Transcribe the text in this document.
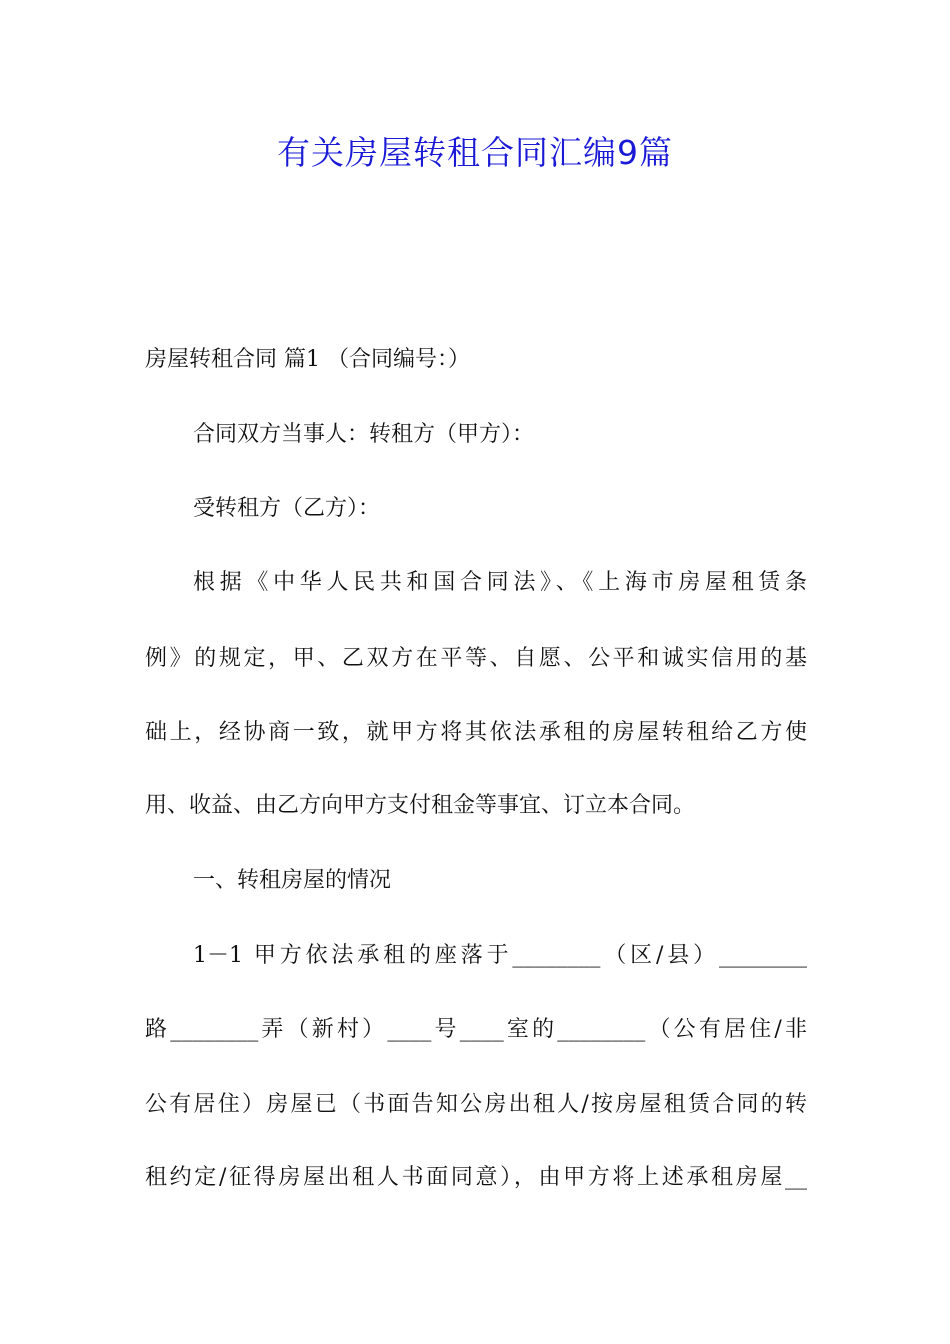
有关房屋转租合同汇编9篇
房屋转租合同 篇1 （合同编号：）
合同双方当事人：转租方（甲方）：
受转租方（乙方）：
根据《中华人民共和国合同法》、《上海市房屋租赁条
例》的规定，甲、乙双方在平等、自愿、公平和诚实信用的基
础上，经协商一致，就甲方将其依法承租的房屋转租给乙方使
用、收益、由乙方向甲方支付租金等事宜、订立本合同。
一、转租房屋的情况
1－1 甲方依法承租的座落于________（区/县）________
路________弄（新村）____号____室的________（公有居住/非
公有居住）房屋已（书面告知公房出租人/按房屋租赁合同的转
租约定/征得房屋出租人书面同意），由甲方将上述承租房屋__
